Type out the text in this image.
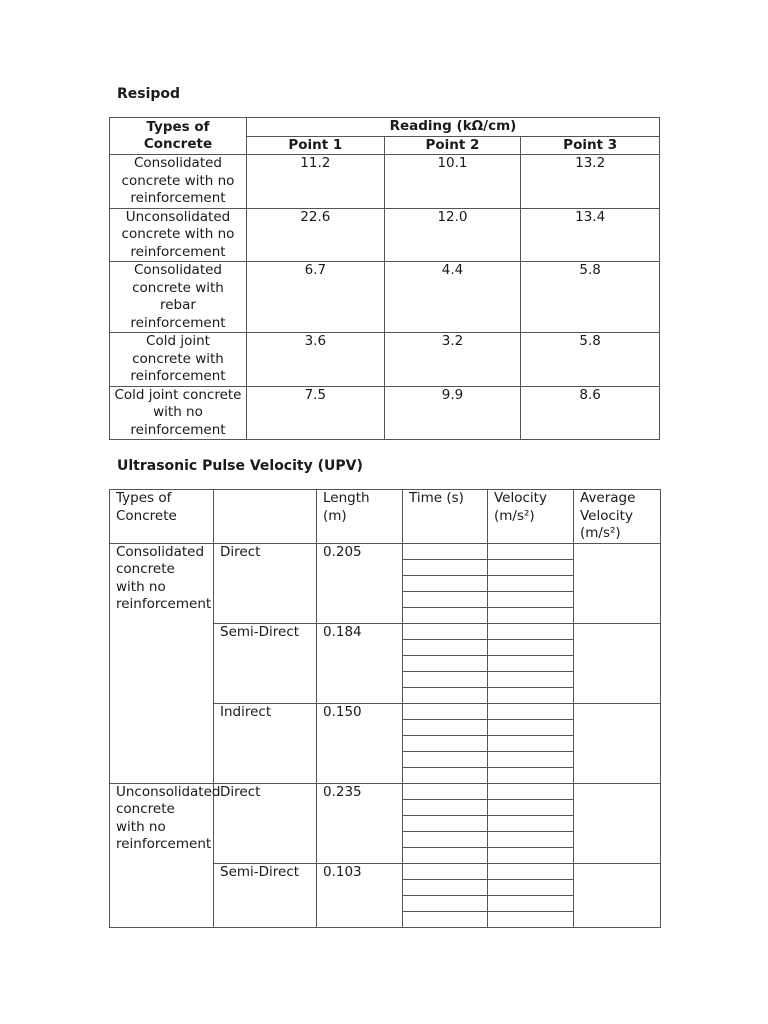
Resipod
Types of Concrete	Reading (kΩ/cm)		
	Point 1	Point 2	Point 3
Consolidated concrete with no reinforcement	11.2	10.1	13.2
Unconsolidated concrete with no reinforcement	22.6	12.0	13.4
Consolidated concrete with rebar reinforcement	6.7	4.4	5.8
Cold joint concrete with reinforcement	3.6	3.2	5.8
Cold joint concrete with no reinforcement	7.5	9.9	8.6
Ultrasonic Pulse Velocity (UPV)
Types of Concrete		Length (m)	Time (s)	Velocity (m/s²)	Average Velocity (m/s²)
Consolidated concrete with no reinforcement	Direct	0.205			

	Semi-Direct	0.184			

	Indirect	0.150			

Unconsolidated concrete with no reinforcement	Direct	0.235			

	Semi-Direct	0.103			
